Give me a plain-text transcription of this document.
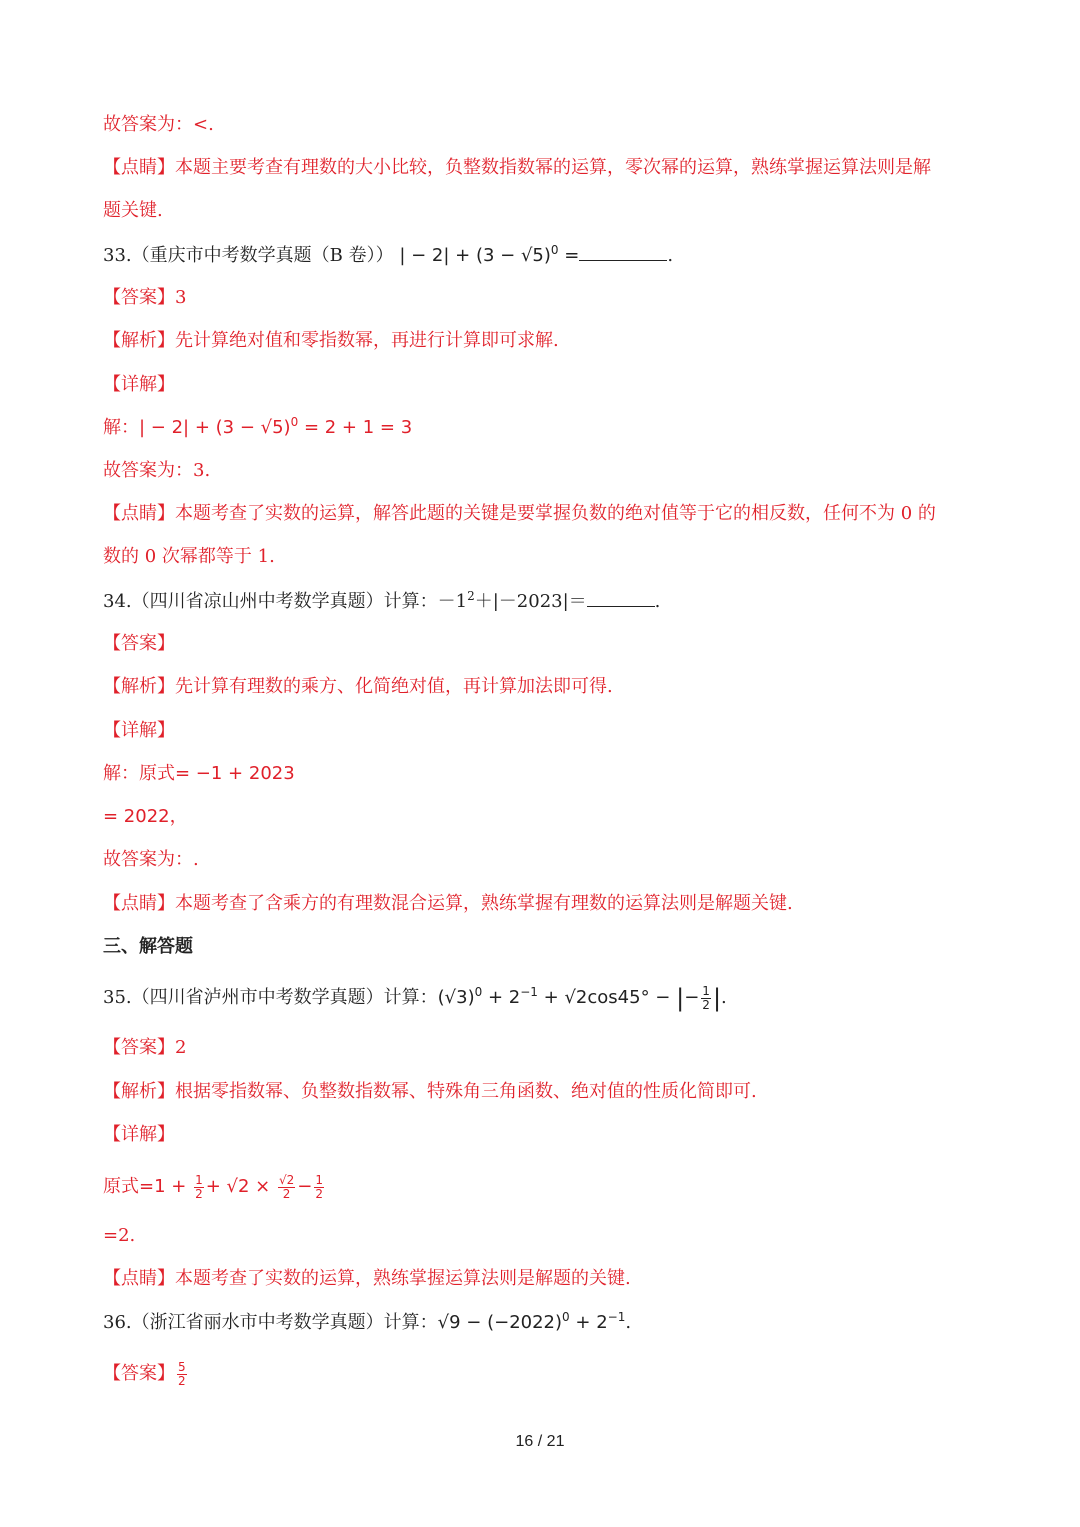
故答案为：<.
【点睛】本题主要考查有理数的大小比较，负整数指数幂的运算，零次幂的运算，熟练掌握运算法则是解
题关键.
33.（重庆市中考数学真题（B 卷）） | − $2| + (3 - √5)^0$ =	.
【答案】3
【解析】先计算绝对值和零指数幂，再进行计算即可求解.
【详解】
解：| − $2| + (3 - √5)^0 = 2 + 1 = 3$
故答案为：3.
【点睛】本题考查了实数的运算，解答此题的关键是要掌握负数的绝对值等于它的相反数，任何不为 0 的
数的 0 次幂都等于 1.
34.（四川省凉山州中考数学真题）计算：$-1^2+|-2023|=$	.
【答案】
【解析】先计算有理数的乘方、化简绝对值，再计算加法即可得.
【详解】
解：原式= −1 + 2023
= 2022，
故答案为：.
【点睛】本题考查了含乘方的有理数混合运算，熟练掌握有理数的运算法则是解题关键.
三、解答题
35.（四川省泸州市中考数学真题）计算：$(√3)^0 + 2^{-1} + √2\cos 45^\circ$ − |− $\frac{1}{2}$ |.
【答案】2
【解析】根据零指数幂、负整数指数幂、特殊角三角函数、绝对值的性质化简即可.
【详解】
原式$=1 + \frac{1}{2} + √2 \times \frac{√2}{2} - \frac{1}{2}$
=2.
【点睛】本题考查了实数的运算，熟练掌握运算法则是解题的关键.
36.（浙江省丽水市中考数学真题）计算：$√9 - (-2022)^0 + 2^{-1}$.
【答案】 $\frac{5}{2}$
16 / 21
